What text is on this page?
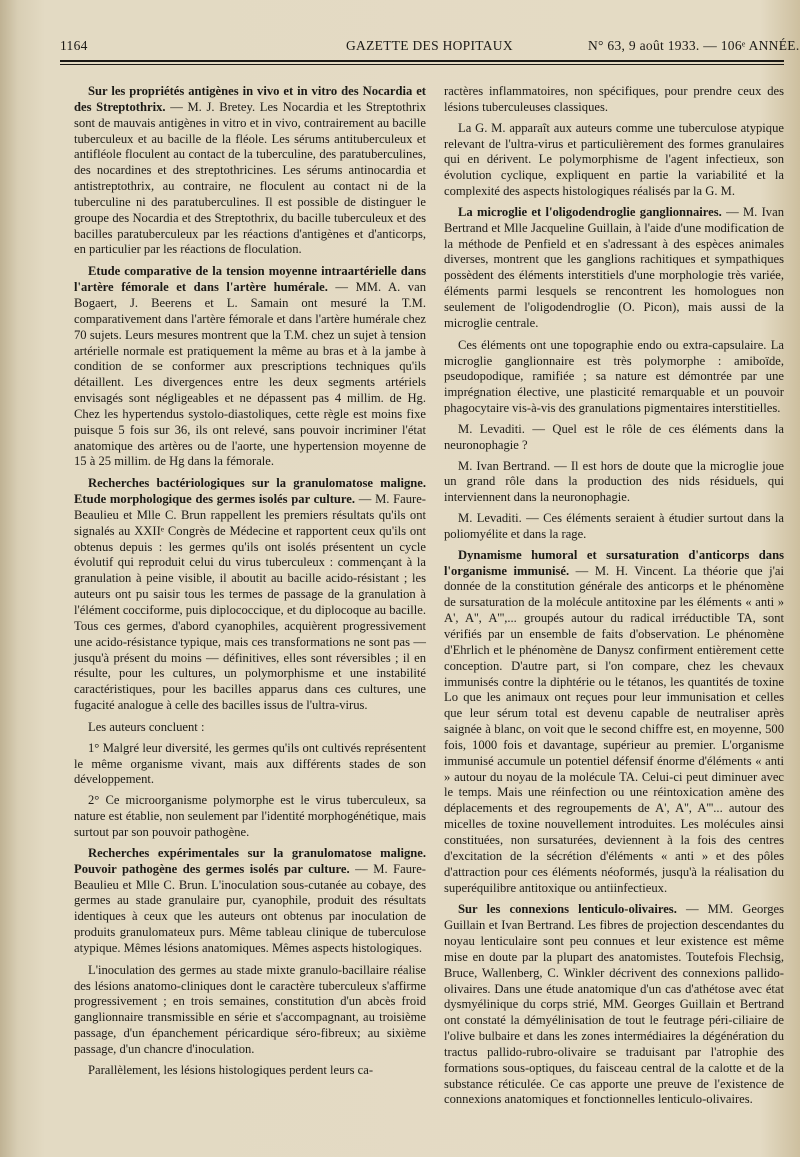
1164	GAZETTE DES HOPITAUX	N° 63, 9 août 1933. — 106ᵉ ANNÉE.

Sur les propriétés antigènes in vivo et in vitro des Nocardia et des Streptothrix. — M. J. Bretey. Les Nocardia et les Streptothrix sont de mauvais antigènes in vitro et in vivo, contrairement au bacille tuberculeux et au bacille de la fléole. Les sérums antituberculeux et antifléole floculent au contact de la tuberculine, des paratuberculines, des nocardines et des streptothricines. Les sérums antinocardia et antistreptothrix, au contraire, ne floculent au contact ni de la tuberculine ni des paratuberculines. Il est possible de distinguer le groupe des Nocardia et des Streptothrix, du bacille tuberculeux et des bacilles paratuberculeux par les réactions d'antigènes et d'anticorps, en particulier par les réactions de floculation.

Etude comparative de la tension moyenne intraartérielle dans l'artère fémorale et dans l'artère humérale. — MM. A. van Bogaert, J. Beerens et L. Samain ont mesuré la T.M. comparativement dans l'artère fémorale et dans l'artère humérale chez 70 sujets. Leurs mesures montrent que la T.M. chez un sujet à tension artérielle normale est pratiquement la même au bras et à la jambe à condition de se conformer aux prescriptions techniques qu'ils détaillent. Les divergences entre les deux segments artériels envisagés sont négligeables et ne dépassent pas 4 millim. de Hg. Chez les hypertendus systolo-diastoliques, cette règle est moins fixe puisque 5 fois sur 36, ils ont relevé, sans pouvoir incriminer l'état anatomique des artères ou de l'aorte, une hypertension moyenne de 15 à 25 millim. de Hg dans la fémorale.

Recherches bactériologiques sur la granulomatose maligne. Etude morphologique des germes isolés par culture. — M. Faure-Beaulieu et Mlle C. Brun rappellent les premiers résultats qu'ils ont signalés au XXIIᵉ Congrès de Médecine et rapportent ceux qu'ils ont obtenus depuis : les germes qu'ils ont isolés présentent un cycle évolutif qui reproduit celui du virus tuberculeux : commençant à la granulation à peine visible, il aboutit au bacille acido-résistant ; les auteurs ont pu saisir tous les termes de passage de la granulation à l'élément cocciforme, puis diplococcique, et du diplocoque au bacille. Tous ces germes, d'abord cyanophiles, acquièrent progressivement une acido-résistance typique, mais ces transformations ne sont pas — jusqu'à présent du moins — définitives, elles sont réversibles ; il en résulte, pour les cultures, un polymorphisme et une instabilité caractéristiques, pour les bacilles apparus dans ces cultures, une fugacité analogue à celle des bacilles issus de l'ultra-virus.

Les auteurs concluent :

1° Malgré leur diversité, les germes qu'ils ont cultivés représentent le même organisme vivant, mais aux différents stades de son développement.

2° Ce microorganisme polymorphe est le virus tuberculeux, sa nature est établie, non seulement par l'identité morphogénétique, mais surtout par son pouvoir pathogène.

Recherches expérimentales sur la granulomatose maligne. Pouvoir pathogène des germes isolés par culture. — M. Faure-Beaulieu et Mlle C. Brun. L'inoculation sous-cutanée au cobaye, des germes au stade granulaire pur, cyanophile, produit des résultats identiques à ceux que les auteurs ont obtenus par inoculation de produits granulomateux purs. Même tableau clinique de tuberculose atypique. Mêmes lésions anatomiques. Mêmes aspects histologiques.

L'inoculation des germes au stade mixte granulo-bacillaire réalise des lésions anatomo-cliniques dont le caractère tuberculeux s'affirme progressivement ; en trois semaines, constitution d'un abcès froid ganglionnaire transmissible en série et s'accompagnant, au troisième passage, d'un épanchement péricardique séro-fibreux; au sixième passage, d'un chancre d'inoculation.

Parallèlement, les lésions histologiques perdent leurs ca-

ractères inflammatoires, non spécifiques, pour prendre ceux des lésions tuberculeuses classiques.

La G. M. apparaît aux auteurs comme une tuberculose atypique relevant de l'ultra-virus et particulièrement des formes granulaires qui en dérivent. Le polymorphisme de l'agent infectieux, son évolution cyclique, expliquent en partie la variabilité et la complexité des aspects histologiques réalisés par la G. M.

La microglie et l'oligodendroglie ganglionnaires. — M. Ivan Bertrand et Mlle Jacqueline Guillain, à l'aide d'une modification de la méthode de Penfield et en s'adressant à des espèces animales diverses, montrent que les ganglions rachitiques et sympathiques possèdent des éléments interstitiels d'une morphologie très variée, éléments parmi lesquels se rencontrent les homologues non seulement de l'oligodendroglie (O. Picon), mais aussi de la microglie centrale.

Ces éléments ont une topographie endo ou extra-capsulaire. La microglie ganglionnaire est très polymorphe : amiboïde, pseudopodique, ramifiée ; sa nature est démontrée par une imprégnation élective, une plasticité remarquable et un pouvoir phagocytaire vis-à-vis des granulations pigmentaires interstitielles.

M. Levaditi. — Quel est le rôle de ces éléments dans la neuronophagie ?

M. Ivan Bertrand. — Il est hors de doute que la microglie joue un grand rôle dans la production des nids résiduels, qui interviennent dans la neuronophagie.

M. Levaditi. — Ces éléments seraient à étudier surtout dans la poliomyélite et dans la rage.

Dynamisme humoral et sursaturation d'anticorps dans l'organisme immunisé. — M. H. Vincent. La théorie que j'ai donnée de la constitution générale des anticorps et le phénomène de sursaturation de la molécule antitoxine par les éléments « anti » A', A'', A''',... groupés autour du radical irréductible TA, sont vérifiés par un ensemble de faits d'observation. Le phénomène d'Ehrlich et le phénomène de Danysz confirment entièrement cette conception. D'autre part, si l'on compare, chez les chevaux immunisés contre la diphtérie ou le tétanos, les quantités de toxine Lo que les animaux ont reçues pour leur immunisation et celles que leur sérum total est devenu capable de neutraliser après saignée à blanc, on voit que le second chiffre est, en moyenne, 500 fois, 1000 fois et davantage, supérieur au premier. L'organisme immunisé accumule un potentiel défensif énorme d'éléments « anti » autour du noyau de la molécule TA. Celui-ci peut diminuer avec le temps. Mais une réinfection ou une réintoxication amène des déplacements et des regroupements de A', A'', A'''... autour des micelles de toxine nouvellement introduites. Les molécules ainsi constituées, non sursaturées, deviennent à la fois des centres d'excitation de la sécrétion d'éléments « anti » et des pôles d'attraction pour ces éléments néoformés, jusqu'à la réalisation du superéquilibre antitoxique ou antiinfectieux.

Sur les connexions lenticulo-olivaires. — MM. Georges Guillain et Ivan Bertrand. Les fibres de projection descendantes du noyau lenticulaire sont peu connues et leur existence est même mise en doute par la plupart des anatomistes. Toutefois Flechsig, Bruce, Wallenberg, C. Winkler décrivent des connexions pallido-olivaires. Dans une étude anatomique d'un cas d'athétose avec état dysmyélinique du corps strié, MM. Georges Guillain et Bertrand ont constaté la démyélinisation de tout le feutrage péri-ciliaire de l'olive bulbaire et dans les zones intermédiaires la dégénération du tractus pallido-rubro-olivaire se traduisant par l'atrophie des formations sous-optiques, du faisceau central de la calotte et de la substance réticulée. Ce cas apporte une preuve de l'existence de connexions anatomiques et fonctionnelles lenticulo-olivaires.
